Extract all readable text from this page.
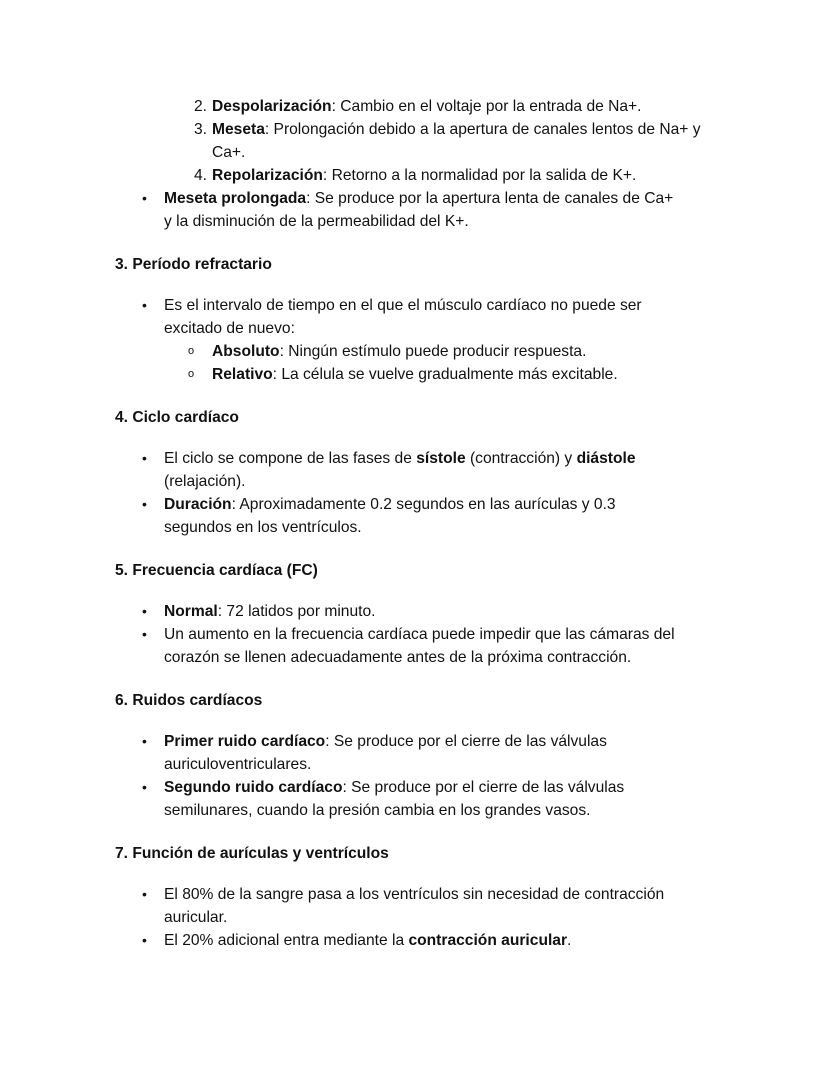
2. Despolarización: Cambio en el voltaje por la entrada de Na+.
3. Meseta: Prolongación debido a la apertura de canales lentos de Na+ y Ca+.
4. Repolarización: Retorno a la normalidad por la salida de K+.
• Meseta prolongada: Se produce por la apertura lenta de canales de Ca+ y la disminución de la permeabilidad del K+.
3. Período refractario
• Es el intervalo de tiempo en el que el músculo cardíaco no puede ser excitado de nuevo:
o Absoluto: Ningún estímulo puede producir respuesta.
o Relativo: La célula se vuelve gradualmente más excitable.
4. Ciclo cardíaco
• El ciclo se compone de las fases de sístole (contracción) y diástole (relajación).
• Duración: Aproximadamente 0.2 segundos en las aurículas y 0.3 segundos en los ventrículos.
5. Frecuencia cardíaca (FC)
• Normal: 72 latidos por minuto.
• Un aumento en la frecuencia cardíaca puede impedir que las cámaras del corazón se llenen adecuadamente antes de la próxima contracción.
6. Ruidos cardíacos
• Primer ruido cardíaco: Se produce por el cierre de las válvulas auriculoventriculares.
• Segundo ruido cardíaco: Se produce por el cierre de las válvulas semilunares, cuando la presión cambia en los grandes vasos.
7. Función de aurículas y ventrículos
• El 80% de la sangre pasa a los ventrículos sin necesidad de contracción auricular.
• El 20% adicional entra mediante la contracción auricular.
